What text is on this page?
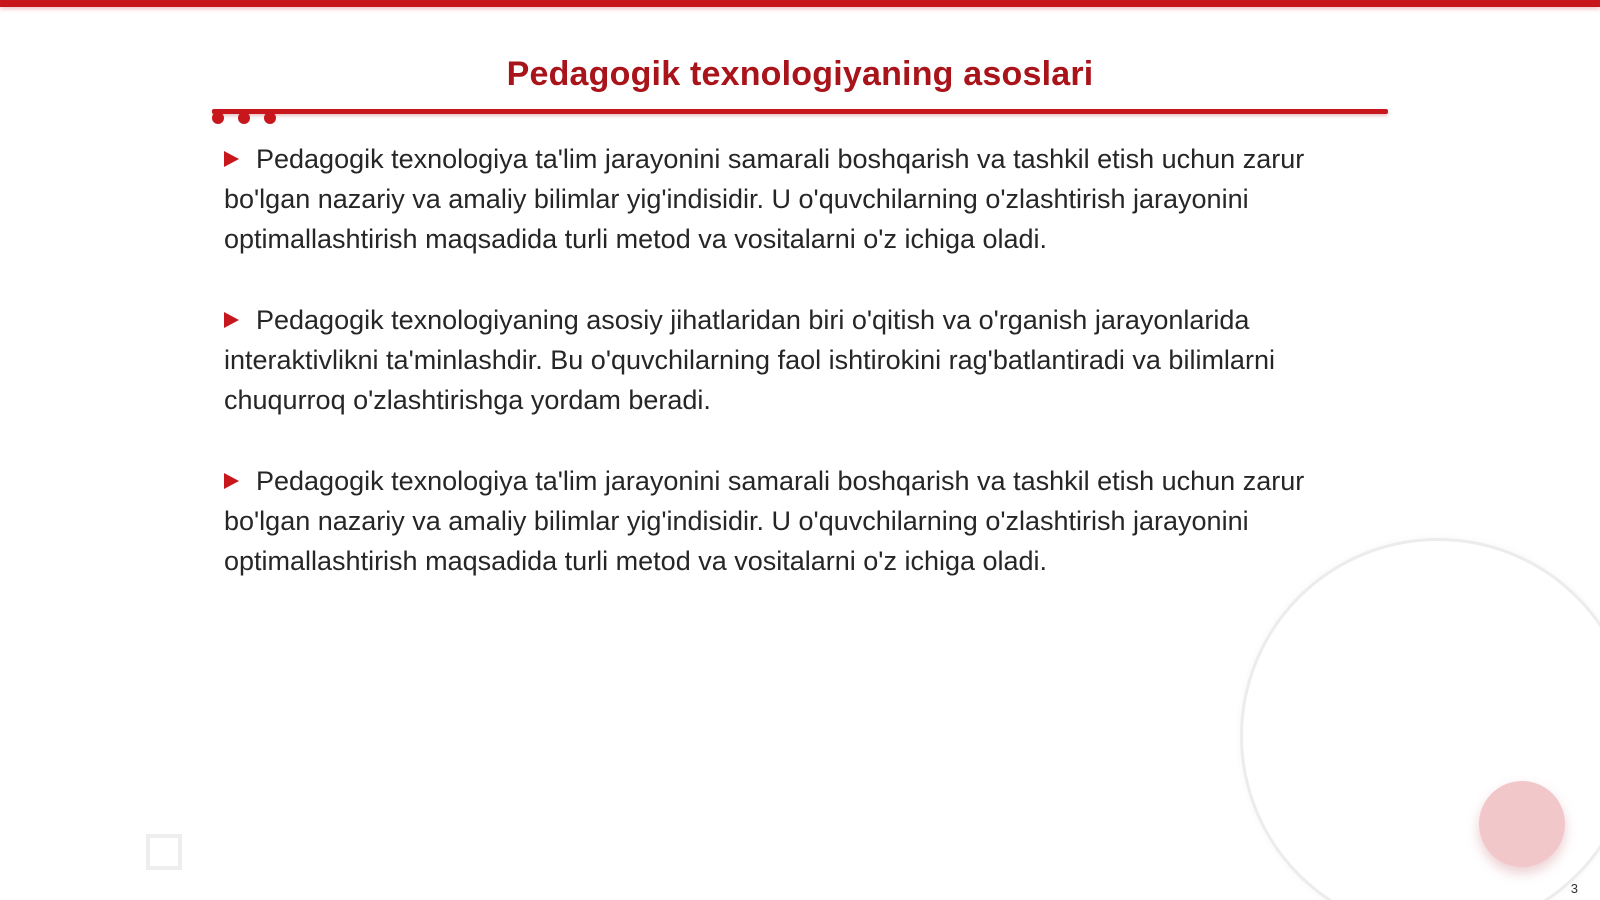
Pedagogik texnologiyaning asoslari

Pedagogik texnologiya ta'lim jarayonini samarali boshqarish va tashkil etish uchun zarur bo'lgan nazariy va amaliy bilimlar yig'indisidir. U o'quvchilarning o'zlashtirish jarayonini optimallashtirish maqsadida turli metod va vositalarni o'z ichiga oladi.

Pedagogik texnologiyaning asosiy jihatlaridan biri o'qitish va o'rganish jarayonlarida interaktivlikni ta'minlashdir. Bu o'quvchilarning faol ishtirokini rag'batlantiradi va bilimlarni chuqurroq o'zlashtirishga yordam beradi.

Pedagogik texnologiya ta'lim jarayonini samarali boshqarish va tashkil etish uchun zarur bo'lgan nazariy va amaliy bilimlar yig'indisidir. U o'quvchilarning o'zlashtirish jarayonini optimallashtirish maqsadida turli metod va vositalarni o'z ichiga oladi.

3
